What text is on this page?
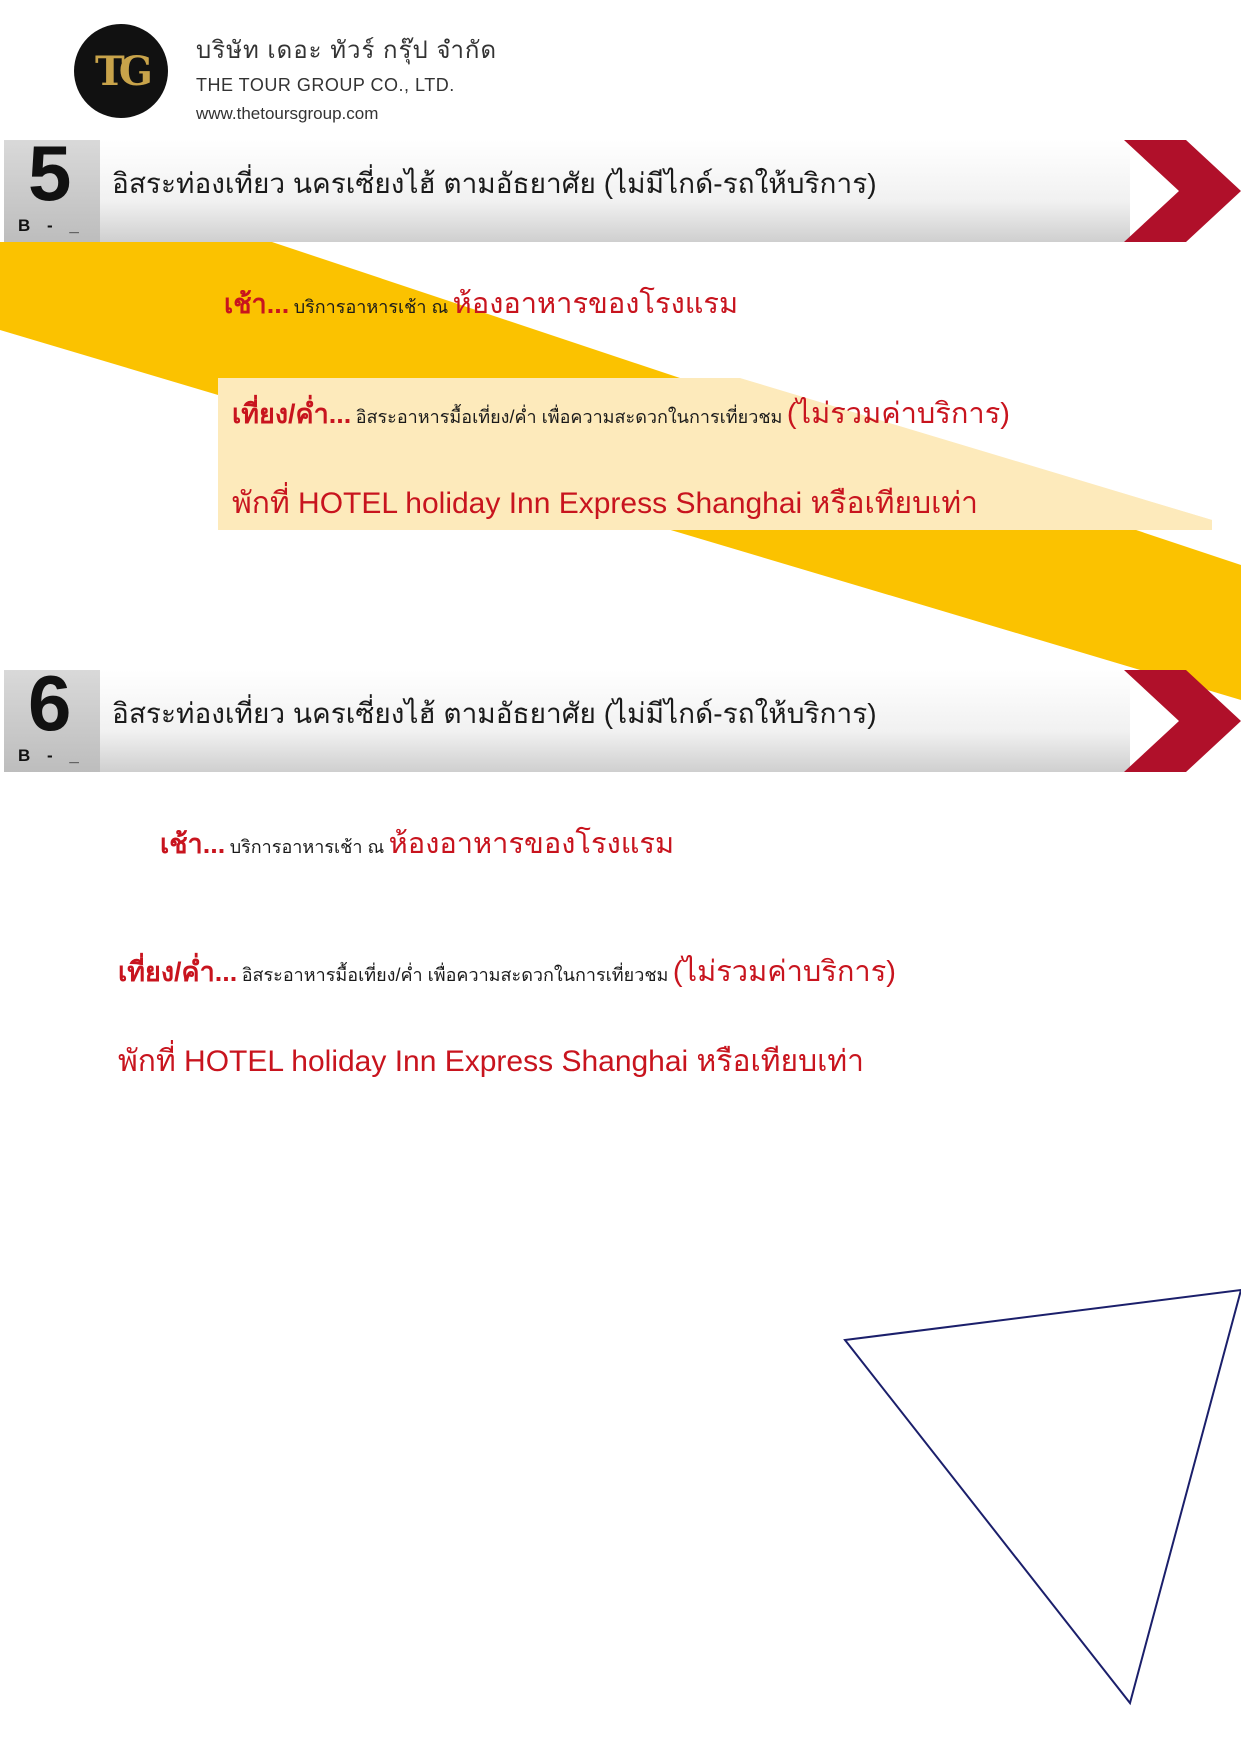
TG บริษัท เดอะ ทัวร์ กรุ๊ป จำกัด
THE TOUR GROUP CO., LTD.
www.thetoursgroup.com
5
B - _
อิสระท่องเที่ยว นครเซี่ยงไฮ้ ตามอัธยาศัย (ไม่มีไกด์-รถให้บริการ)
เช้า... บริการอาหารเช้า ณ ห้องอาหารของโรงแรม
เที่ยง/ค่ำ... อิสระอาหารมื้อเที่ยง/ค่ำ เพื่อความสะดวกในการเที่ยวชม (ไม่รวมค่าบริการ)
พักที่ HOTEL holiday Inn Express Shanghai หรือเทียบเท่า
6
B - _
อิสระท่องเที่ยว นครเซี่ยงไฮ้ ตามอัธยาศัย (ไม่มีไกด์-รถให้บริการ)
เช้า... บริการอาหารเช้า ณ ห้องอาหารของโรงแรม
เที่ยง/ค่ำ... อิสระอาหารมื้อเที่ยง/ค่ำ เพื่อความสะดวกในการเที่ยวชม (ไม่รวมค่าบริการ)
พักที่ HOTEL holiday Inn Express Shanghai หรือเทียบเท่า
